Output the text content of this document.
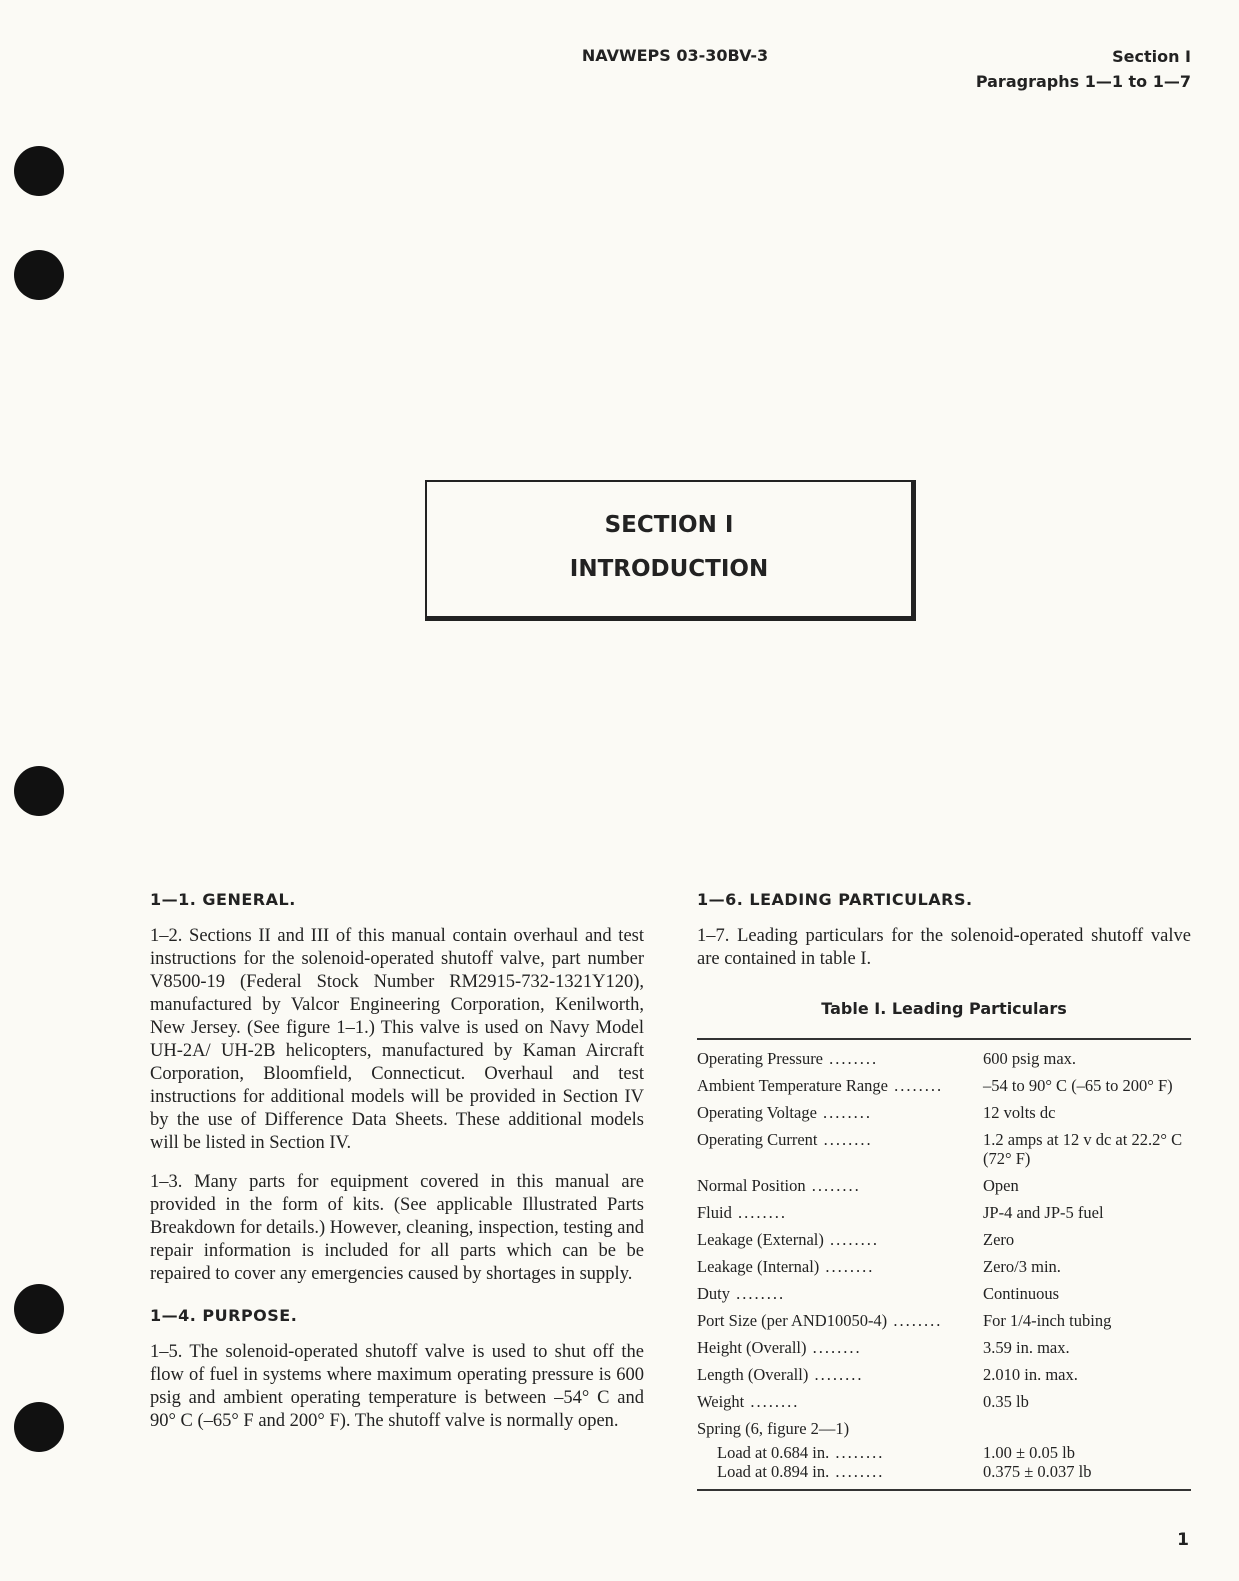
NAVWEPS 03-30BV-3	Section I
Paragraphs 1—1 to 1—7
SECTION I
INTRODUCTION
1—1. GENERAL.

1–2. Sections II and III of this manual contain overhaul and test instructions for the solenoid-operated shutoff valve, part number V8500-19 (Federal Stock Number RM2915-732-1321Y120), manufactured by Valcor Engineering Corporation, Kenilworth, New Jersey. (See figure 1–1.) This valve is used on Navy Model UH-2A/ UH-2B helicopters, manufactured by Kaman Aircraft Corporation, Bloomfield, Connecticut. Overhaul and test instructions for additional models will be provided in Section IV by the use of Difference Data Sheets. These additional models will be listed in Section IV.

1–3. Many parts for equipment covered in this manual are provided in the form of kits. (See applicable Illustrated Parts Breakdown for details.) However, cleaning, inspection, testing and repair information is included for all parts which can be be repaired to cover any emergencies caused by shortages in supply.

1—4. PURPOSE.

1–5. The solenoid-operated shutoff valve is used to shut off the flow of fuel in systems where maximum operating pressure is 600 psig and ambient operating temperature is between –54° C and 90° C (–65° F and 200° F). The shutoff valve is normally open.

1—6. LEADING PARTICULARS.

1–7. Leading particulars for the solenoid-operated shutoff valve are contained in table I.

Table I. Leading Particulars
Operating Pressure ........	600 psig max.
Ambient Temperature Range ........	–54 to 90° C (–65 to 200° F)
Operating Voltage ........	12 volts dc
Operating Current ........	1.2 amps at 12 v dc at 22.2° C (72° F)
Normal Position ........	Open
Fluid ........	JP-4 and JP-5 fuel
Leakage (External) ........	Zero
Leakage (Internal) ........	Zero/3 min.
Duty ........	Continuous
Port Size (per AND10050-4) ........	For 1/4-inch tubing
Height (Overall) ........	3.59 in. max.
Length (Overall) ........	2.010 in. max.
Weight ........	0.35 lb
Spring (6, figure 2—1)	
Load at 0.684 in. ........	1.00 ± 0.05 lb
Load at 0.894 in. ........	0.375 ± 0.037 lb
1
